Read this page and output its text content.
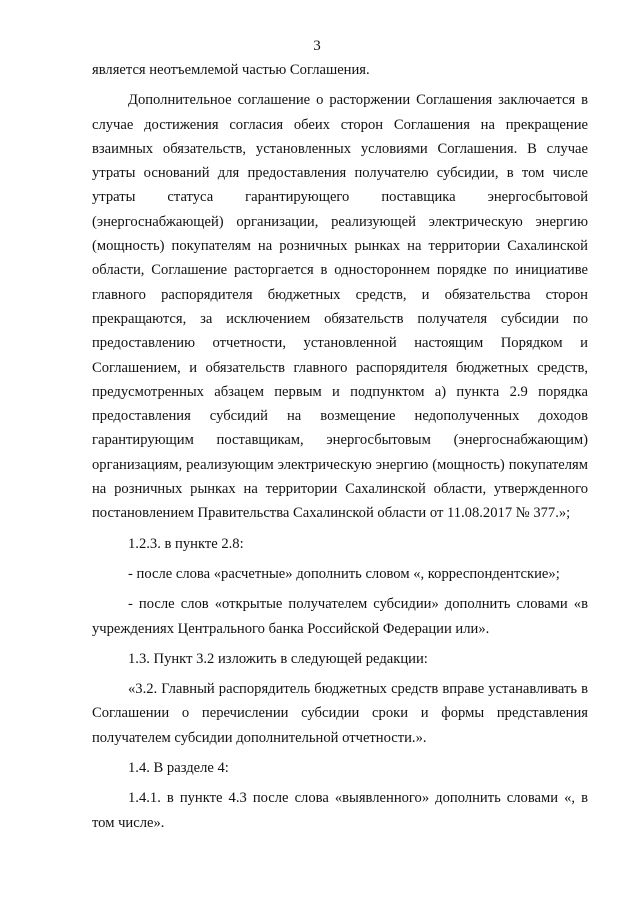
3

является неотъемлемой частью Соглашения.

Дополнительное соглашение о расторжении Соглашения заключается в случае достижения согласия обеих сторон Соглашения на прекращение взаимных обязательств, установленных условиями Соглашения. В случае утраты оснований для предоставления получателю субсидии, в том числе утраты статуса гарантирующего поставщика энергосбытовой (энергоснабжающей) организации, реализующей электрическую энергию (мощность) покупателям на розничных рынках на территории Сахалинской области, Соглашение расторгается в одностороннем порядке по инициативе главного распорядителя бюджетных средств, и обязательства сторон прекращаются, за исключением обязательств получателя субсидии по предоставлению отчетности, установленной настоящим Порядком и Соглашением, и обязательств главного распорядителя бюджетных средств, предусмотренных абзацем первым и подпунктом а) пункта 2.9 порядка предоставления субсидий на возмещение недополученных доходов гарантирующим поставщикам, энергосбытовым (энергоснабжающим) организациям, реализующим электрическую энергию (мощность) покупателям на розничных рынках на территории Сахалинской области, утвержденного постановлением Правительства Сахалинской области от 11.08.2017 № 377.»;

1.2.3. в пункте 2.8:

- после слова «расчетные» дополнить словом «, корреспондентские»;

- после слов «открытые получателем субсидии» дополнить словами «в учреждениях Центрального банка Российской Федерации или».

1.3. Пункт 3.2 изложить в следующей редакции:

«3.2. Главный распорядитель бюджетных средств вправе устанавливать в Соглашении о перечислении субсидии сроки и формы представления получателем субсидии дополнительной отчетности.».

1.4. В разделе 4:

1.4.1. в пункте 4.3 после слова «выявленного» дополнить словами «, в том числе».
